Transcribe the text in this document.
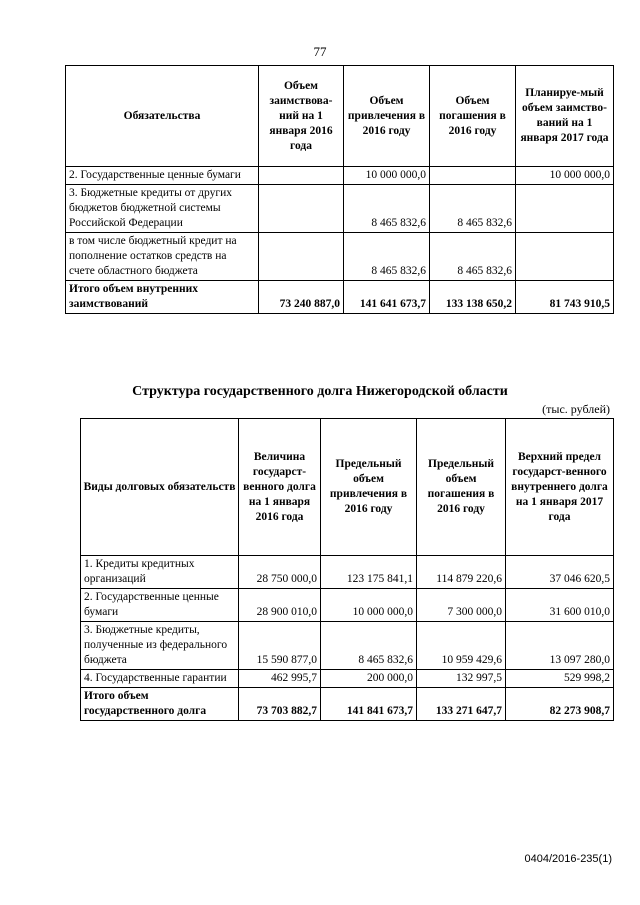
77
Обязательства	Объем заимствова-ний на 1 января 2016 года	Объем привлечения в 2016 году	Объем погашения в 2016 году	Планируе-мый объем заимство-ваний на 1 января 2017 года
2. Государственные ценные бумаги		10 000 000,0		10 000 000,0
3. Бюджетные кредиты от других бюджетов бюджетной системы Российской Федерации		8 465 832,6	8 465 832,6	
в том числе бюджетный кредит на пополнение остатков средств на счете областного бюджета		8 465 832,6	8 465 832,6	
Итого объем внутренних заимствований	73 240 887,0	141 641 673,7	133 138 650,2	81 743 910,5
Структура государственного долга Нижегородской области
(тыс. рублей)
Виды долговых обязательств	Величина государст-венного долга на 1 января 2016 года	Предельный объем привлечения в 2016 году	Предельный объем погашения в 2016 году	Верхний предел государст-венного внутреннего долга на 1 января 2017 года
1. Кредиты кредитных организаций	28 750 000,0	123 175 841,1	114 879 220,6	37 046 620,5
2. Государственные ценные бумаги	28 900 010,0	10 000 000,0	7 300 000,0	31 600 010,0
3. Бюджетные кредиты, полученные из федерального бюджета	15 590 877,0	8 465 832,6	10 959 429,6	13 097 280,0
4. Государственные гарантии	462 995,7	200 000,0	132 997,5	529 998,2
Итого объем государственного долга	73 703 882,7	141 841 673,7	133 271 647,7	82 273 908,7
0404/2016-235(1)
